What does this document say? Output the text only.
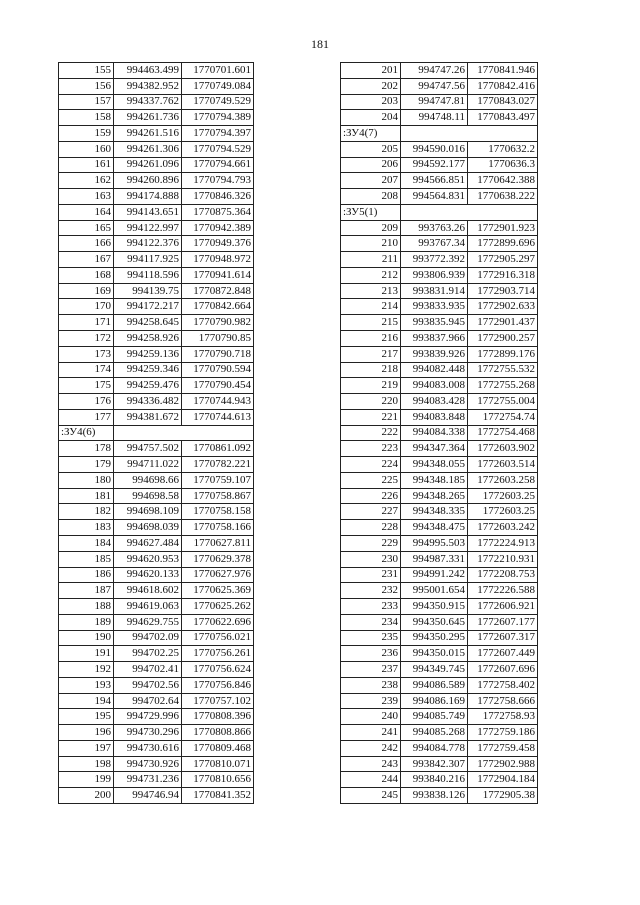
181
155	994463.499	1770701.601
156	994382.952	1770749.084
157	994337.762	1770749.529
158	994261.736	1770794.389
159	994261.516	1770794.397
160	994261.306	1770794.529
161	994261.096	1770794.661
162	994260.896	1770794.793
163	994174.888	1770846.326
164	994143.651	1770875.364
165	994122.997	1770942.389
166	994122.376	1770949.376
167	994117.925	1770948.972
168	994118.596	1770941.614
169	994139.75	1770872.848
170	994172.217	1770842.664
171	994258.645	1770790.982
172	994258.926	1770790.85
173	994259.136	1770790.718
174	994259.346	1770790.594
175	994259.476	1770790.454
176	994336.482	1770744.943
177	994381.672	1770744.613
:ЗУ4(6)		
178	994757.502	1770861.092
179	994711.022	1770782.221
180	994698.66	1770759.107
181	994698.58	1770758.867
182	994698.109	1770758.158
183	994698.039	1770758.166
184	994627.484	1770627.811
185	994620.953	1770629.378
186	994620.133	1770627.976
187	994618.602	1770625.369
188	994619.063	1770625.262
189	994629.755	1770622.696
190	994702.09	1770756.021
191	994702.25	1770756.261
192	994702.41	1770756.624
193	994702.56	1770756.846
194	994702.64	1770757.102
195	994729.996	1770808.396
196	994730.296	1770808.866
197	994730.616	1770809.468
198	994730.926	1770810.071
199	994731.236	1770810.656
200	994746.94	1770841.352
201	994747.26	1770841.946
202	994747.56	1770842.416
203	994747.81	1770843.027
204	994748.11	1770843.497
:ЗУ4(7)		
205	994590.016	1770632.2
206	994592.177	1770636.3
207	994566.851	1770642.388
208	994564.831	1770638.222
:ЗУ5(1)		
209	993763.26	1772901.923
210	993767.34	1772899.696
211	993772.392	1772905.297
212	993806.939	1772916.318
213	993831.914	1772903.714
214	993833.935	1772902.633
215	993835.945	1772901.437
216	993837.966	1772900.257
217	993839.926	1772899.176
218	994082.448	1772755.532
219	994083.008	1772755.268
220	994083.428	1772755.004
221	994083.848	1772754.74
222	994084.338	1772754.468
223	994347.364	1772603.902
224	994348.055	1772603.514
225	994348.185	1772603.258
226	994348.265	1772603.25
227	994348.335	1772603.25
228	994348.475	1772603.242
229	994995.503	1772224.913
230	994987.331	1772210.931
231	994991.242	1772208.753
232	995001.654	1772226.588
233	994350.915	1772606.921
234	994350.645	1772607.177
235	994350.295	1772607.317
236	994350.015	1772607.449
237	994349.745	1772607.696
238	994086.589	1772758.402
239	994086.169	1772758.666
240	994085.749	1772758.93
241	994085.268	1772759.186
242	994084.778	1772759.458
243	993842.307	1772902.988
244	993840.216	1772904.184
245	993838.126	1772905.38
